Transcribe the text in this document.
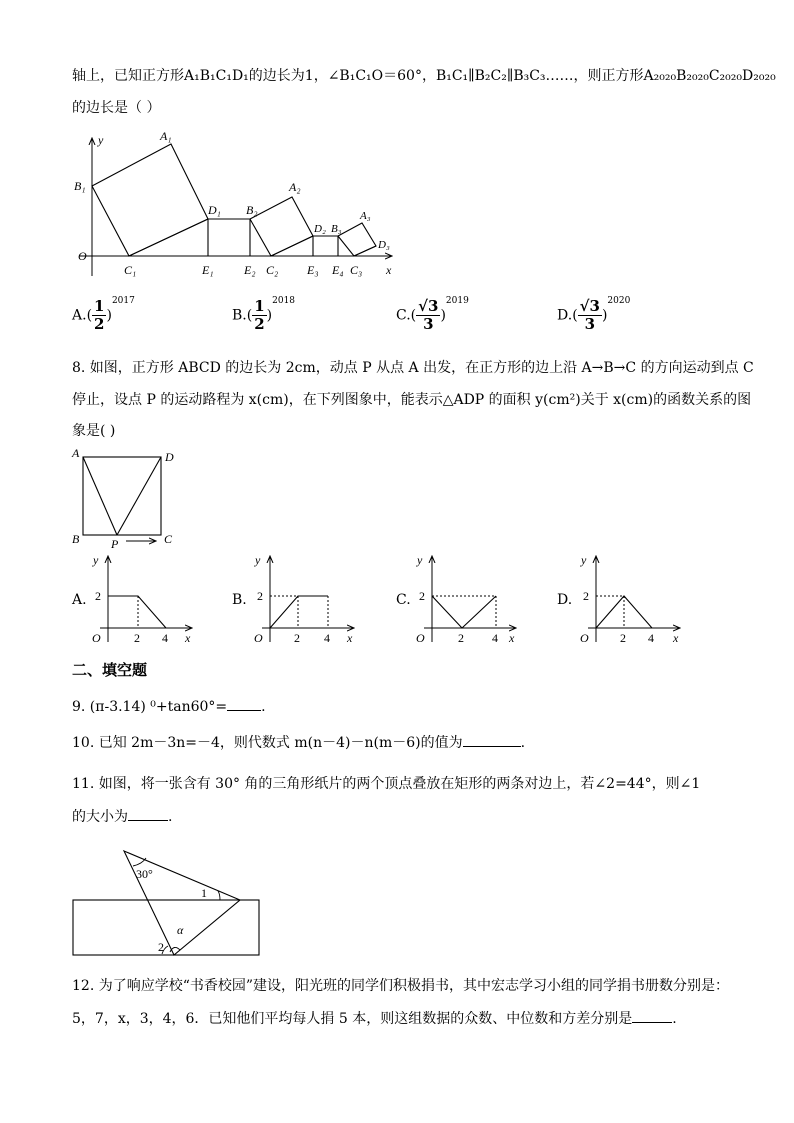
轴上，已知正方形A₁B₁C₁D₁的边长为1，∠B₁C₁O＝60°，B₁C₁∥B₂C₂∥B₃C₃……，则正方形A₂₀₂₀B₂₀₂₀C₂₀₂₀D₂₀₂₀
的边长是（ ）
y
x
O
B₁
A₁
D₁ B₂
A₂
D₂ B₃
A₃
D₃
C₁	E₁	E₂ C₂ E₃ E₄ C₃
$A.( \frac{1}{2} )^{2017}$
$B.( \frac{1}{2} )^{2018}$
$C.( \frac{√3}{3} )^{2019}$
$D.( \frac{√3}{3} )^{2020}$
8. 如图，正方形 ABCD 的边长为 2cm，动点 P 从点 A 出发，在正方形的边上沿 A→B→C 的方向运动到点 C
停止，设点 P 的运动路程为 x(cm)，在下列图象中，能表示△ADP 的面积 y(cm²)关于 x(cm)的函数关系的图
象是( )
A	D
B	C
P
A.
y
x
O
2
2 4
B.
y
x
O
2
2 4
C.
y
x
O
2
2 4
D.
y
x
O
2
2 4
二、填空题
9. (π-3.14) ⁰+tan60°= .
10. 已知 2m－3n=－4，则代数式 m(n－4)－n(m－6)的值为	.
11. 如图，将一张含有 30° 角的三角形纸片的两个顶点叠放在矩形的两条对边上，若∠2=44°，则∠1
的大小为	.
30°
1
2
α
12. 为了响应学校“书香校园”建设，阳光班的同学们积极捐书，其中宏志学习小组的同学捐书册数分别是：
5，7，x，3，4，6．已知他们平均每人捐 5 本，则这组数据的众数、中位数和方差分别是	.
